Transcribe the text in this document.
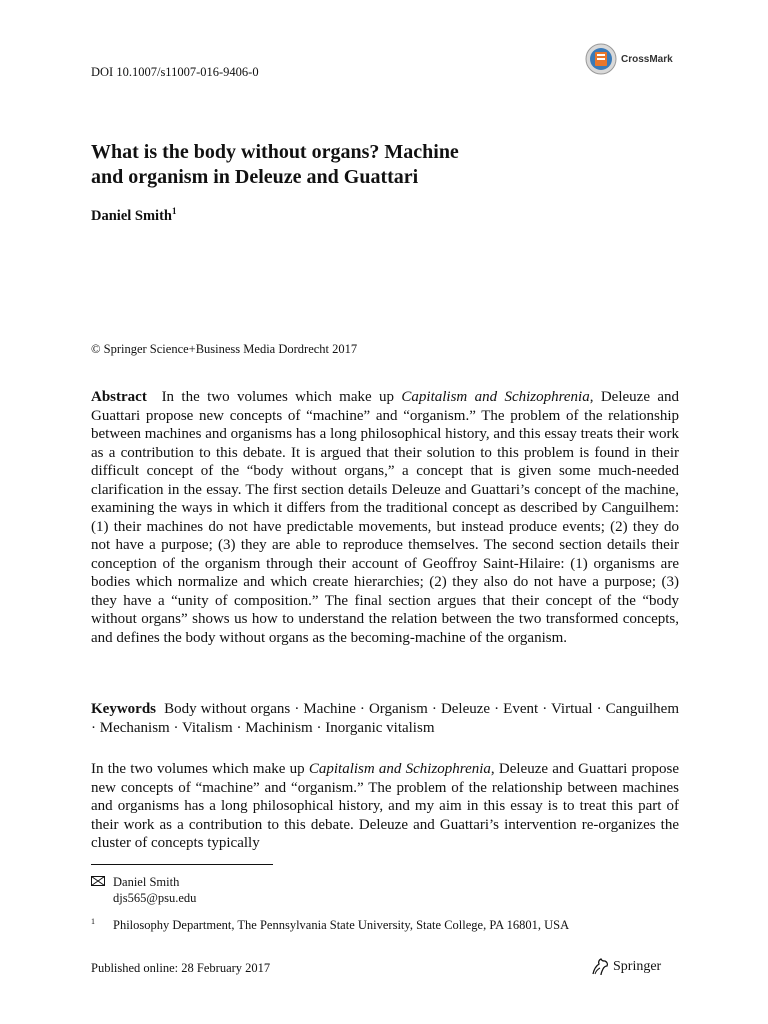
DOI 10.1007/s11007-016-9406-0
CrossMark
What is the body without organs? Machine
and organism in Deleuze and Guattari
Daniel Smith$^1$
© Springer Science+Business Media Dordrecht 2017
Abstract In the two volumes which make up Capitalism and Schizophrenia, Deleuze and Guattari propose new concepts of “machine” and “organism.” The problem of the relationship between machines and organisms has a long philosophical history, and this essay treats their work as a contribution to this debate. It is argued that their solution to this problem is found in their difficult concept of the “body without organs,” a concept that is given some much-needed clarification in the essay. The first section details Deleuze and Guattari’s concept of the machine, examining the ways in which it differs from the traditional concept as described by Canguilhem: (1) their machines do not have predictable movements, but instead produce events; (2) they do not have a purpose; (3) they are able to reproduce themselves. The second section details their conception of the organism through their account of Geoffroy Saint-Hilaire: (1) organisms are bodies which normalize and which create hierarchies; (2) they also do not have a purpose; (3) they have a “unity of composition.” The final section argues that their concept of the “body without organs” shows us how to understand the relation between the two transformed concepts, and defines the body without organs as the becoming-machine of the organism.
Keywords Body without organs · Machine · Organism · Deleuze · Event · Virtual · Canguilhem · Mechanism · Vitalism · Machinism · Inorganic vitalism
In the two volumes which make up Capitalism and Schizophrenia, Deleuze and Guattari propose new concepts of “machine” and “organism.” The problem of the relationship between machines and organisms has a long philosophical history, and my aim in this essay is to treat this part of their work as a contribution to this debate. Deleuze and Guattari’s intervention re-organizes the cluster of concepts typically
Daniel Smith
djs565@psu.edu
$^1$ Philosophy Department, The Pennsylvania State University, State College, PA 16801, USA
Published online: 28 February 2017	Springer
